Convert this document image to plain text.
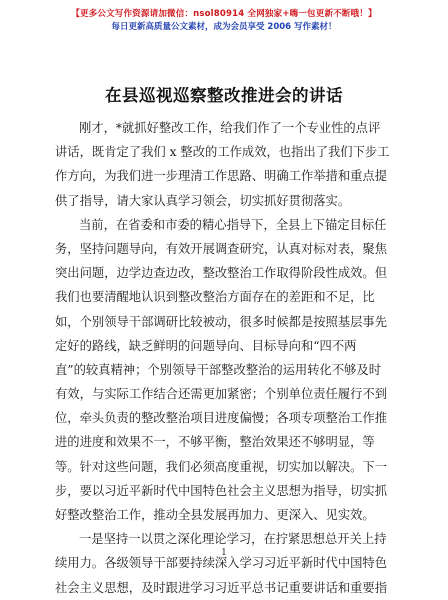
【更多公文写作资源请加微信：nsol80914 全网独家+嗨一包更新不断哦！】
每日更新高质量公文素材，成为会员享受 2006 写作素材！
在县巡视巡察整改推进会的讲话
刚才，*就抓好整改工作，给我们作了一个专业性的点评
讲话，既肯定了我们 x 整改的工作成效，也指出了我们下步工
作方向，为我们进一步理清工作思路、明确工作举措和重点提
供了指导，请大家认真学习领会，切实抓好贯彻落实。
当前，在省委和市委的精心指导下，全县上下锚定目标任
务，坚持问题导向，有效开展调查研究，认真对标对表，聚焦
突出问题，边学边查边改，整改整治工作取得阶段性成效。但
我们也要清醒地认识到整改整治方面存在的差距和不足，比
如，个别领导干部调研比较被动，很多时候都是按照基层事先
定好的路线，缺乏鲜明的问题导向、目标导向和“四不两
直”的较真精神；个别领导干部整改整治的运用转化不够及时
有效，与实际工作结合还需更加紧密；个别单位责任履行不到
位，牵头负责的整改整治项目进度偏慢；各项专项整治工作推
进的进度和效果不一，不够平衡，整治效果还不够明显，等
等。针对这些问题，我们必须高度重视，切实加以解决。下一
步，要以习近平新时代中国特色社会主义思想为指导，切实抓
好整改整治工作，推动全县发展再加力、更深入、见实效。
一是坚持一以贯之深化理论学习，在拧紧思想总开关上持
续用力。各级领导干部要持续深入学习习近平新时代中国特色
社会主义思想，及时跟进学习习近平总书记重要讲话和重要指
1
